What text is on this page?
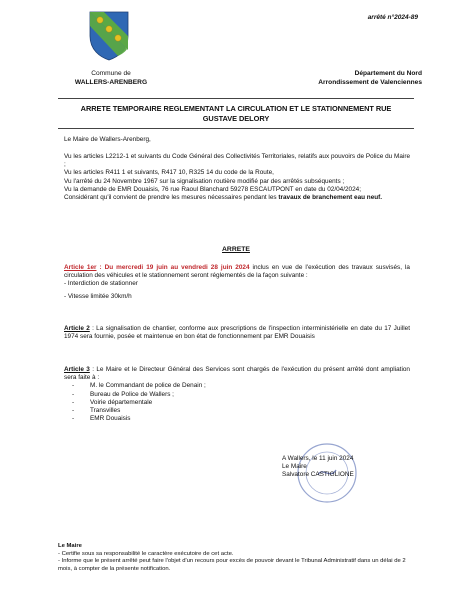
arrêté n°2024-89
Commune de
WALLERS-ARENBERG
Département du Nord
Arrondissement de Valenciennes
ARRETE TEMPORAIRE REGLEMENTANT LA CIRCULATION ET LE STATIONNEMENT RUE
GUSTAVE DELORY
Le Maire de Wallers-Arenberg,
Vu les articles L2212-1 et suivants du Code Général des Collectivités Territoriales, relatifs aux pouvoirs de Police du Maire ;
Vu les articles R411 1 et suivants, R417 10, R325 14 du code de la Route,
Vu l'arrêté du 24 Novembre 1967 sur la signalisation routière modifié par des arrêtés subséquents ;
Vu la demande de EMR Douaisis, 76 rue Raoul Blanchard 59278 ESCAUTPONT en date du 02/04/2024;
Considérant qu'il convient de prendre les mesures nécessaires pendant les travaux de branchement eau neuf.
ARRETE
Article 1er : Du mercredi 19 juin au vendredi 28 juin 2024 inclus en vue de l'exécution des travaux susvisés, la circulation des véhicules et le stationnement seront réglementés de la façon suivante :
- Interdiction de stationner
- Vitesse limitée 30km/h
Article 2 : La signalisation de chantier, conforme aux prescriptions de l'inspection interministérielle en date du 17 Juillet 1974 sera fournie, posée et maintenue en bon état de fonctionnement par EMR Douaisis
Article 3 : Le Maire et le Directeur Général des Services sont chargés de l'exécution du présent arrêté dont ampliation sera faite à :
- M. le Commandant de police de Denain ;
- Bureau de Police de Wallers ;
- Voirie départementale
- Transvilles
- EMR Douaisis
A Wallers, le 11 juin 2024
Le Maire
Salvatore CASTIGLIONE
Le Maire
- Certifie sous sa responsabilité le caractère exécutoire de cet acte.
- Informe que le présent arrêté peut faire l'objet d'un recours pour excès de pouvoir devant le Tribunal Administratif dans un délai de 2 mois, à compter de la présente notification.
